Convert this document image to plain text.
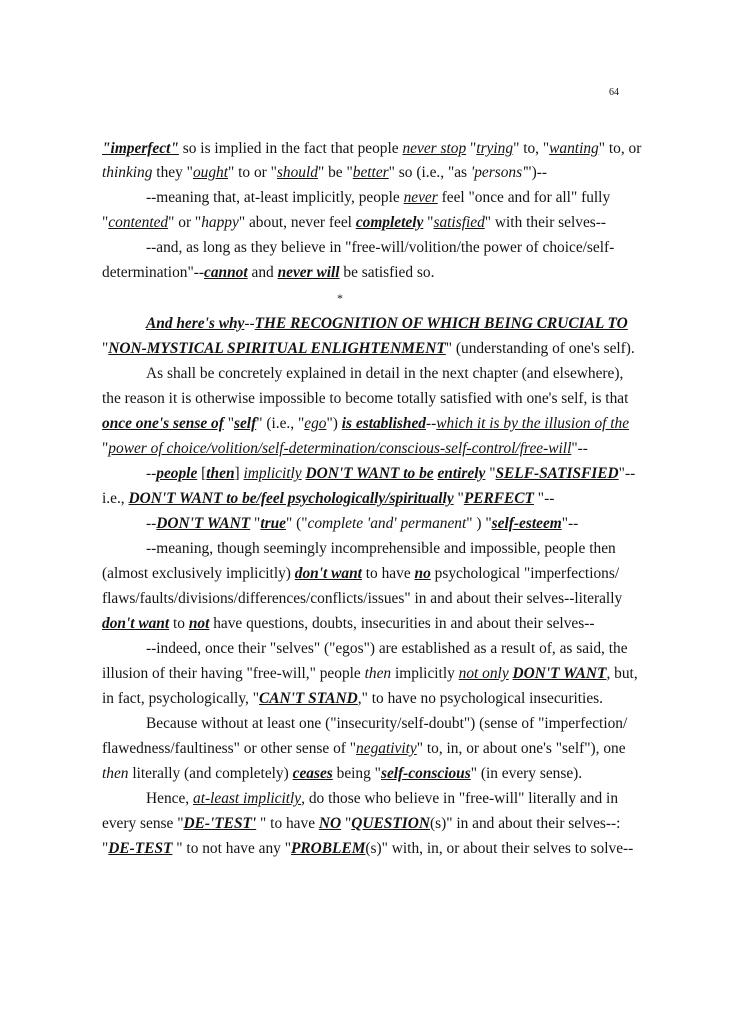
64
*
"imperfect" so is implied in the fact that people never stop "trying" to, "wanting" to, or
thinking they "ought" to or "should" be "better" so (i.e., "as 'persons'")--
--meaning that, at-least implicitly, people never feel "once and for all" fully
"contented" or "happy" about, never feel completely "satisfied" with their selves--
--and, as long as they believe in "free-will/volition/the power of choice/self-
determination"--cannot and never will be satisfied so.
And here's why--THE RECOGNITION OF WHICH BEING CRUCIAL TO
"NON-MYSTICAL SPIRITUAL ENLIGHTENMENT" (understanding of one's self).
As shall be concretely explained in detail in the next chapter (and elsewhere),
the reason it is otherwise impossible to become totally satisfied with one's self, is that
once one's sense of "self" (i.e., "ego") is established--which it is by the illusion of the
"power of choice/volition/self-determination/conscious-self-control/free-will"--
--people [then] implicitly DON'T WANT to be entirely "SELF-SATISFIED"--
i.e., DON'T WANT to be/feel psychologically/spiritually "PERFECT "--
--DON'T WANT "true" ("complete 'and' permanent" ) "self-esteem"--
--meaning, though seemingly incomprehensible and impossible, people then
(almost exclusively implicitly) don't want to have no psychological "imperfections/
flaws/faults/divisions/differences/conflicts/issues" in and about their selves--literally
don't want to not have questions, doubts, insecurities in and about their selves--
--indeed, once their "selves" ("egos") are established as a result of, as said, the
illusion of their having "free-will," people then implicitly not only DON'T WANT, but,
in fact, psychologically, "CAN'T STAND," to have no psychological insecurities.
Because without at least one ("insecurity/self-doubt") (sense of "imperfection/
flawedness/faultiness" or other sense of "negativity" to, in, or about one's "self"), one
then literally (and completely) ceases being "self-conscious" (in every sense).
Hence, at-least implicitly, do those who believe in "free-will" literally and in
every sense "DE-'TEST' " to have NO "QUESTION(s)" in and about their selves--:
"DE-TEST " to not have any "PROBLEM(s)" with, in, or about their selves to solve--
